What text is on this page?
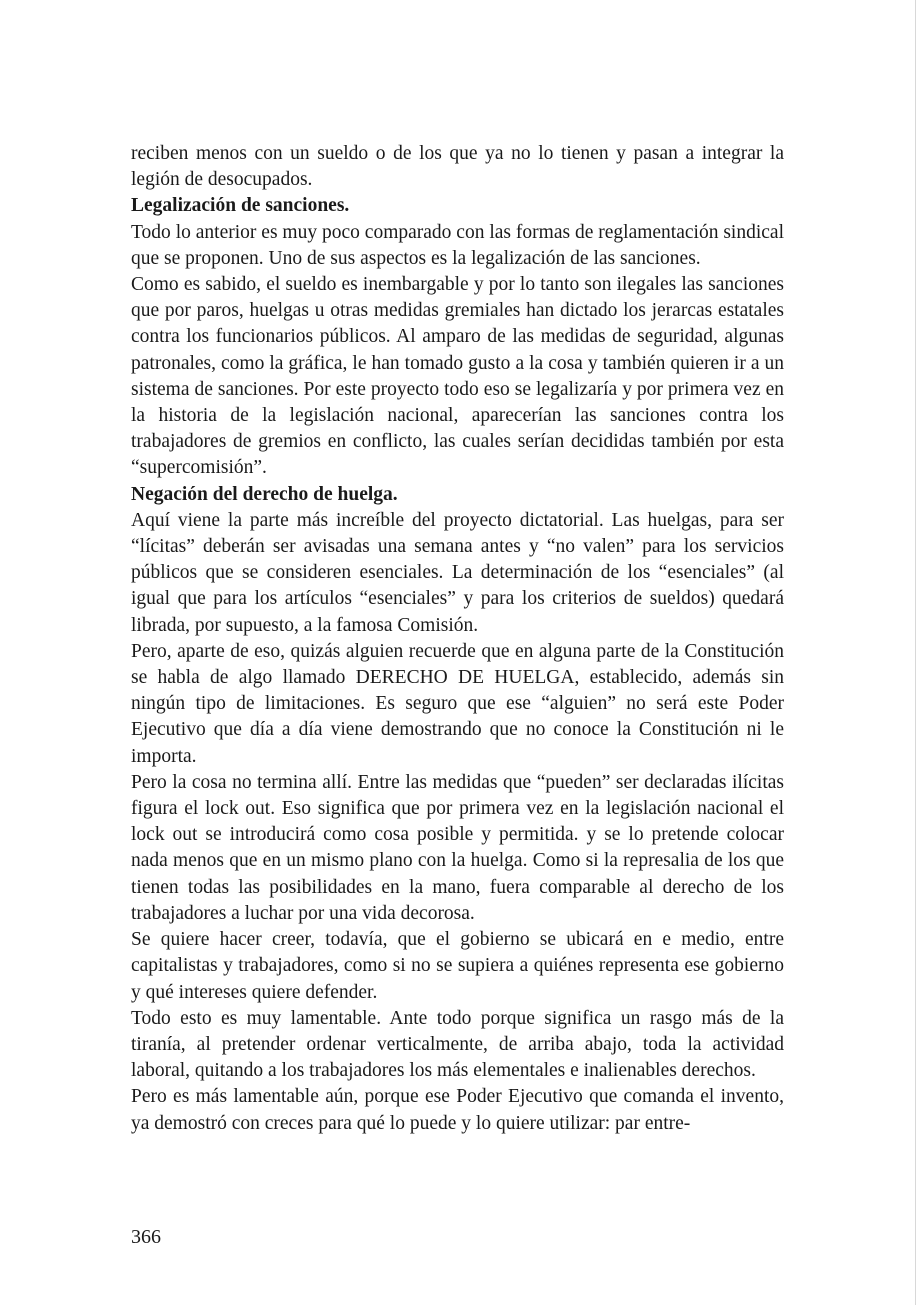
reciben menos con un sueldo o de los que ya no lo tienen y pasan a integrar la legión de desocupados.

Legalización de sanciones.

Todo lo anterior es muy poco comparado con las formas de reglamentación sindical que se proponen. Uno de sus aspectos es la legalización de las sanciones.

Como es sabido, el sueldo es inembargable y por lo tanto son ilegales las sanciones que por paros, huelgas u otras medidas gremiales han dictado los jerarcas estatales contra los funcionarios públicos. Al amparo de las medidas de seguridad, algunas patronales, como la gráfica, le han tomado gusto a la cosa y también quieren ir a un sistema de sanciones. Por este proyecto todo eso se legalizaría y por primera vez en la historia de la legislación nacional, aparecerían las sanciones contra los trabajadores de gremios en conflicto, las cuales serían decididas también por esta “supercomisión”.

Negación del derecho de huelga.

Aquí viene la parte más increíble del proyecto dictatorial. Las huelgas, para ser “lícitas” deberán ser avisadas una semana antes y “no valen” para los servicios públicos que se consideren esenciales. La determinación de los “esenciales” (al igual que para los artículos “esenciales” y para los criterios de sueldos) quedará librada, por supuesto, a la famosa Comisión.

Pero, aparte de eso, quizás alguien recuerde que en alguna parte de la Constitución se habla de algo llamado DERECHO DE HUELGA, establecido, además sin ningún tipo de limitaciones. Es seguro que ese “alguien” no será este Poder Ejecutivo que día a día viene demostrando que no conoce la Constitución ni le importa.

Pero la cosa no termina allí. Entre las medidas que “pueden” ser declaradas ilícitas figura el lock out. Eso significa que por primera vez en la legislación nacional el lock out se introducirá como cosa posible y permitida. y se lo pretende colocar nada menos que en un mismo plano con la huelga. Como si la represalia de los que tienen todas las posibilidades en la mano, fuera comparable al derecho de los trabajadores a luchar por una vida decorosa.

Se quiere hacer creer, todavía, que el gobierno se ubicará en e medio, entre capitalistas y trabajadores, como si no se supiera a quiénes representa ese gobierno y qué intereses quiere defender.

Todo esto es muy lamentable. Ante todo porque significa un rasgo más de la tiranía, al pretender ordenar verticalmente, de arriba abajo, toda la actividad laboral, quitando a los trabajadores los más elementales e inalienables derechos.

Pero es más lamentable aún, porque ese Poder Ejecutivo que comanda el invento, ya demostró con creces para qué lo puede y lo quiere utilizar: par entre-

366
